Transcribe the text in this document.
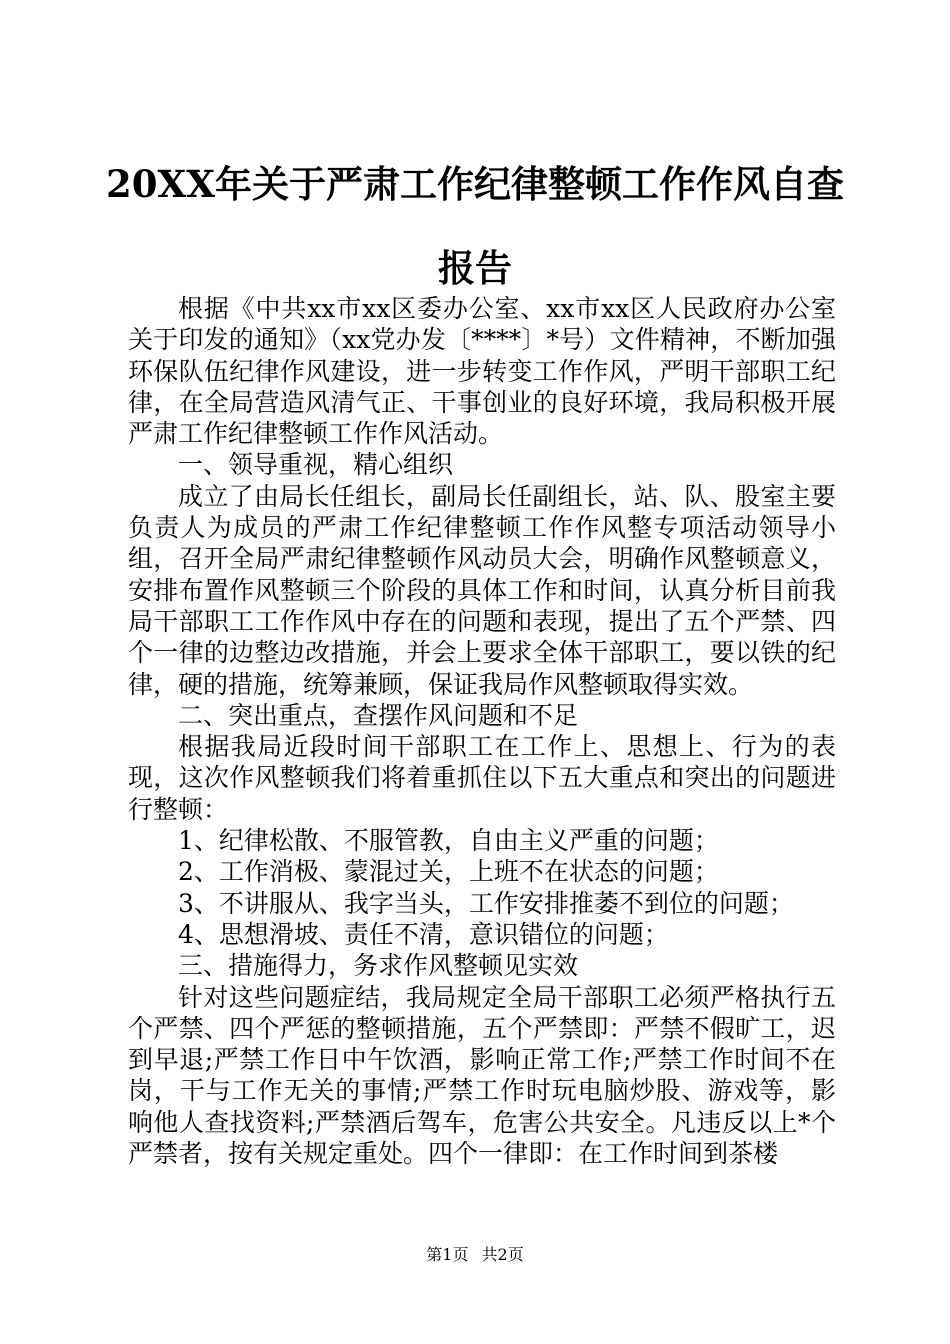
20XX年关于严肃工作纪律整顿工作作风自查
报告

根据《中共xx市xx区委办公室、xx市xx区人民政府办公室关于印发的通知》（xx党办发〔****〕*号）文件精神，不断加强环保队伍纪律作风建设，进一步转变工作作风，严明干部职工纪律，在全局营造风清气正、干事创业的良好环境，我局积极开展严肃工作纪律整顿工作作风活动。

一、领导重视，精心组织

成立了由局长任组长，副局长任副组长，站、队、股室主要负责人为成员的严肃工作纪律整顿工作作风整专项活动领导小组，召开全局严肃纪律整顿作风动员大会，明确作风整顿意义，安排布置作风整顿三个阶段的具体工作和时间，认真分析目前我局干部职工工作作风中存在的问题和表现，提出了五个严禁、四个一律的边整边改措施，并会上要求全体干部职工，要以铁的纪律，硬的措施，统筹兼顾，保证我局作风整顿取得实效。

二、突出重点，查摆作风问题和不足

根据我局近段时间干部职工在工作上、思想上、行为的表现，这次作风整顿我们将着重抓住以下五大重点和突出的问题进行整顿：

1、纪律松散、不服管教，自由主义严重的问题；

2、工作消极、蒙混过关，上班不在状态的问题；

3、不讲服从、我字当头，工作安排推萎不到位的问题；

4、思想滑坡、责任不清，意识错位的问题；

三、措施得力，务求作风整顿见实效

针对这些问题症结，我局规定全局干部职工必须严格执行五个严禁、四个严惩的整顿措施，五个严禁即：严禁不假旷工，迟到早退;严禁工作日中午饮酒，影响正常工作;严禁工作时间不在岗，干与工作无关的事情;严禁工作时玩电脑炒股、游戏等，影响他人查找资料;严禁酒后驾车，危害公共安全。凡违反以上*个严禁者，按有关规定重处。四个一律即：在工作时间到茶楼

第1页 共2页
